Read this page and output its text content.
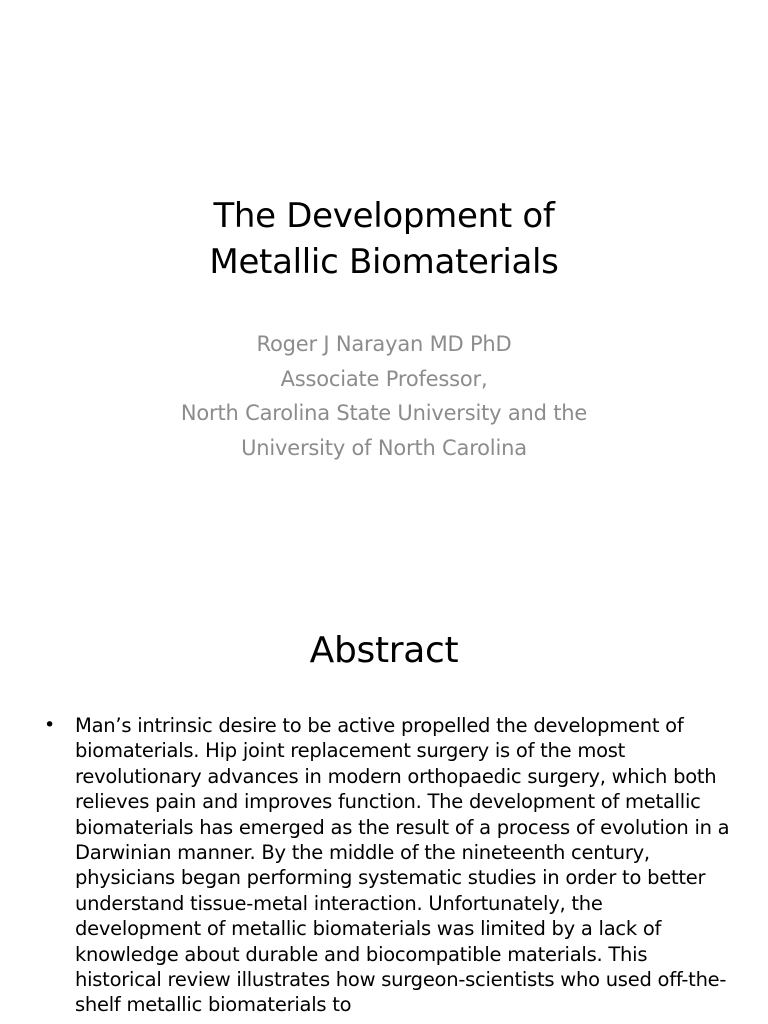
The Development of
Metallic Biomaterials
Roger J Narayan MD PhD
Associate Professor,
North Carolina State University and the
University of North Carolina
Abstract
• Man’s intrinsic desire to be active propelled the development of biomaterials. Hip joint replacement surgery is of the most revolutionary advances in modern orthopaedic surgery, which both relieves pain and improves function. The development of metallic biomaterials has emerged as the result of a process of evolution in a Darwinian manner. By the middle of the nineteenth century, physicians began performing systematic studies in order to better understand tissue-metal interaction. Unfortunately, the development of metallic biomaterials was limited by a lack of knowledge about durable and biocompatible materials. This historical review illustrates how surgeon-scientists who used off-the-shelf metallic biomaterials to
